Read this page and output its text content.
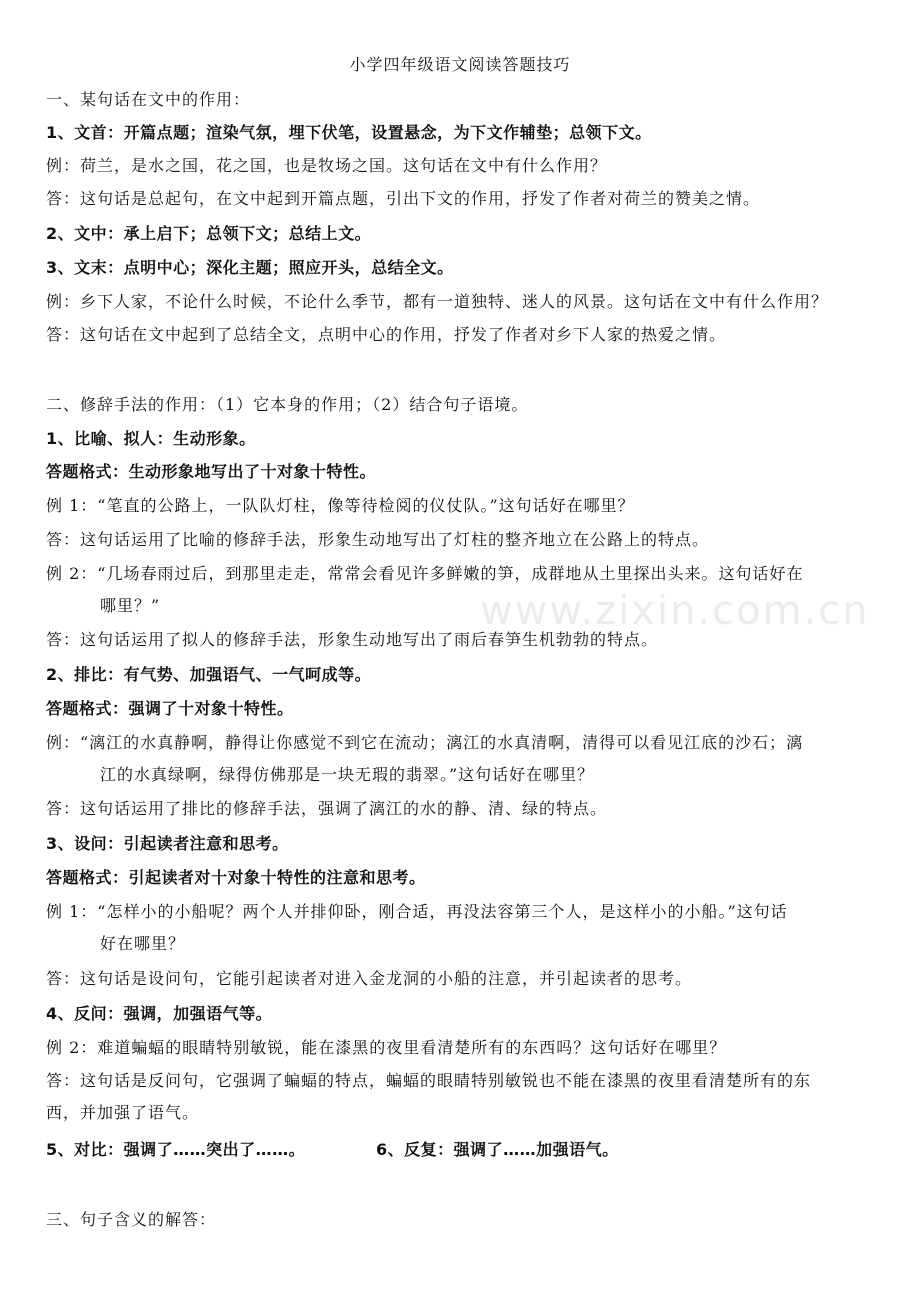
小学四年级语文阅读答题技巧
www.zixin.com.cn
一、某句话在文中的作用：
1、文首：开篇点题；渲染气氛，埋下伏笔，设置悬念，为下文作辅垫；总领下文。
例：荷兰，是水之国，花之国，也是牧场之国。这句话在文中有什么作用？
答：这句话是总起句，在文中起到开篇点题，引出下文的作用，抒发了作者对荷兰的赞美之情。
2、文中：承上启下；总领下文；总结上文。
3、文末：点明中心；深化主题；照应开头，总结全文。
例：乡下人家，不论什么时候，不论什么季节，都有一道独特、迷人的风景。这句话在文中有什么作用？
答：这句话在文中起到了总结全文，点明中心的作用，抒发了作者对乡下人家的热爱之情。
二、修辞手法的作用：（1）它本身的作用；（2）结合句子语境。
1、比喻、拟人：生动形象。
答题格式：生动形象地写出了十对象十特性。
例 1：“笔直的公路上，一队队灯柱，像等待检阅的仪仗队。”这句话好在哪里？
答：这句话运用了比喻的修辞手法，形象生动地写出了灯柱的整齐地立在公路上的特点。
例 2：“几场春雨过后，到那里走走，常常会看见许多鲜嫩的笋，成群地从土里探出头来。这句话好在
哪里？”
答：这句话运用了拟人的修辞手法，形象生动地写出了雨后春笋生机勃勃的特点。
2、排比：有气势、加强语气、一气呵成等。
答题格式：强调了十对象十特性。
例：“漓江的水真静啊，静得让你感觉不到它在流动；漓江的水真清啊，清得可以看见江底的沙石；漓
江的水真绿啊，绿得仿佛那是一块无瑕的翡翠。”这句话好在哪里？
答：这句话运用了排比的修辞手法，强调了漓江的水的静、清、绿的特点。
3、设问：引起读者注意和思考。
答题格式：引起读者对十对象十特性的注意和思考。
例 1：“怎样小的小船呢？两个人并排仰卧，刚合适，再没法容第三个人，是这样小的小船。”这句话
好在哪里？
答：这句话是设问句，它能引起读者对进入金龙洞的小船的注意，并引起读者的思考。
4、反问：强调，加强语气等。
例 2：难道蝙蝠的眼睛特别敏锐，能在漆黑的夜里看清楚所有的东西吗？这句话好在哪里？
答：这句话是反问句，它强调了蝙蝠的特点，蝙蝠的眼睛特别敏锐也不能在漆黑的夜里看清楚所有的东
西，并加强了语气。
5、对比：强调了……突出了……。	6、反复：强调了……加强语气。
三、句子含义的解答：
